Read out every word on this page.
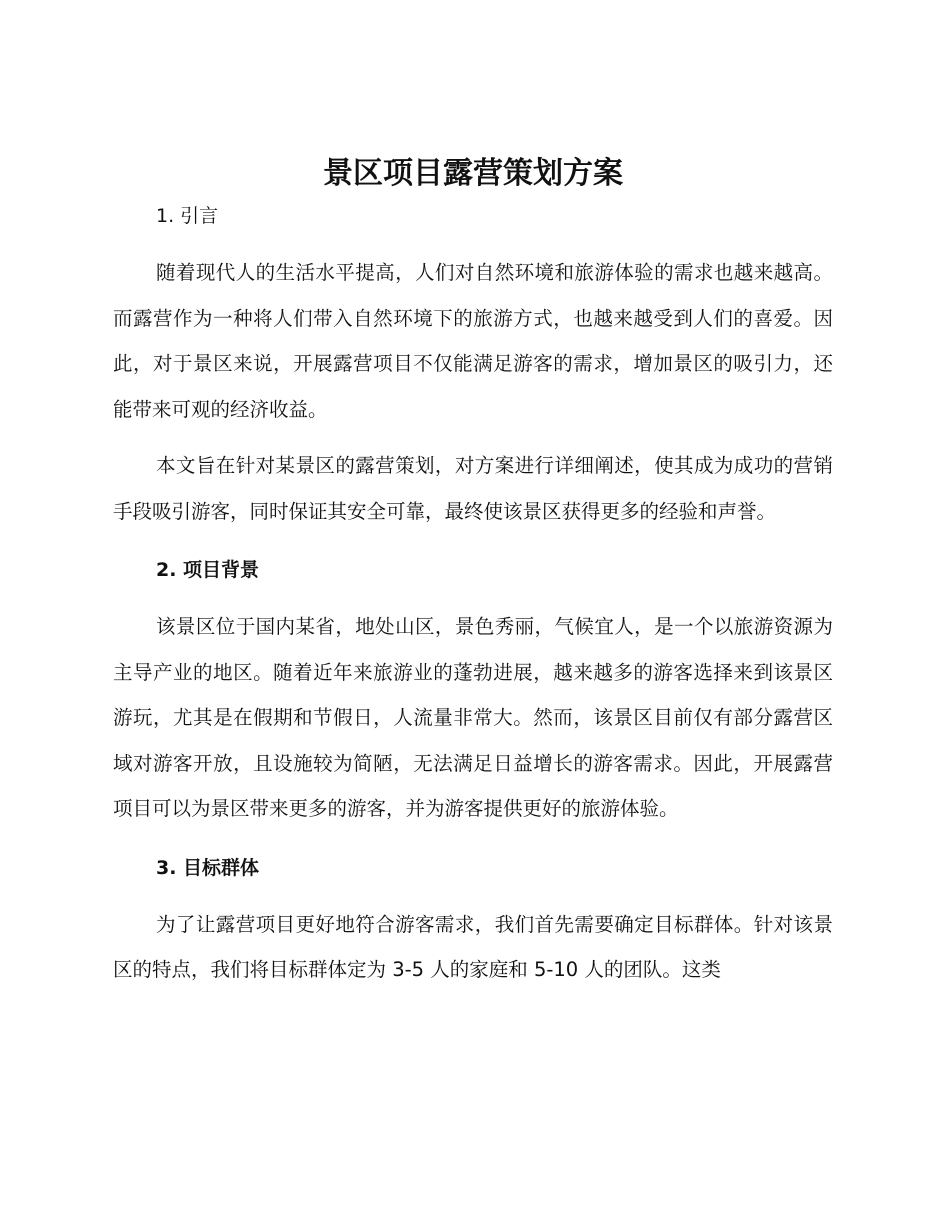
景区项目露营策划方案
1. 引言

随着现代人的生活水平提高，人们对自然环境和旅游体验的需求也越来越高。而露营作为一种将人们带入自然环境下的旅游方式，也越来越受到人们的喜爱。因此，对于景区来说，开展露营项目不仅能满足游客的需求，增加景区的吸引力，还能带来可观的经济收益。

本文旨在针对某景区的露营策划，对方案进行详细阐述，使其成为成功的营销手段吸引游客，同时保证其安全可靠，最终使该景区获得更多的经验和声誉。

2. 项目背景

该景区位于国内某省，地处山区，景色秀丽，气候宜人，是一个以旅游资源为主导产业的地区。随着近年来旅游业的蓬勃进展，越来越多的游客选择来到该景区游玩，尤其是在假期和节假日，人流量非常大。然而，该景区目前仅有部分露营区域对游客开放，且设施较为简陋，无法满足日益增长的游客需求。因此，开展露营项目可以为景区带来更多的游客，并为游客提供更好的旅游体验。

3. 目标群体

为了让露营项目更好地符合游客需求，我们首先需要确定目标群体。针对该景区的特点，我们将目标群体定为 3-5 人的家庭和 5-10 人的团队。这类
